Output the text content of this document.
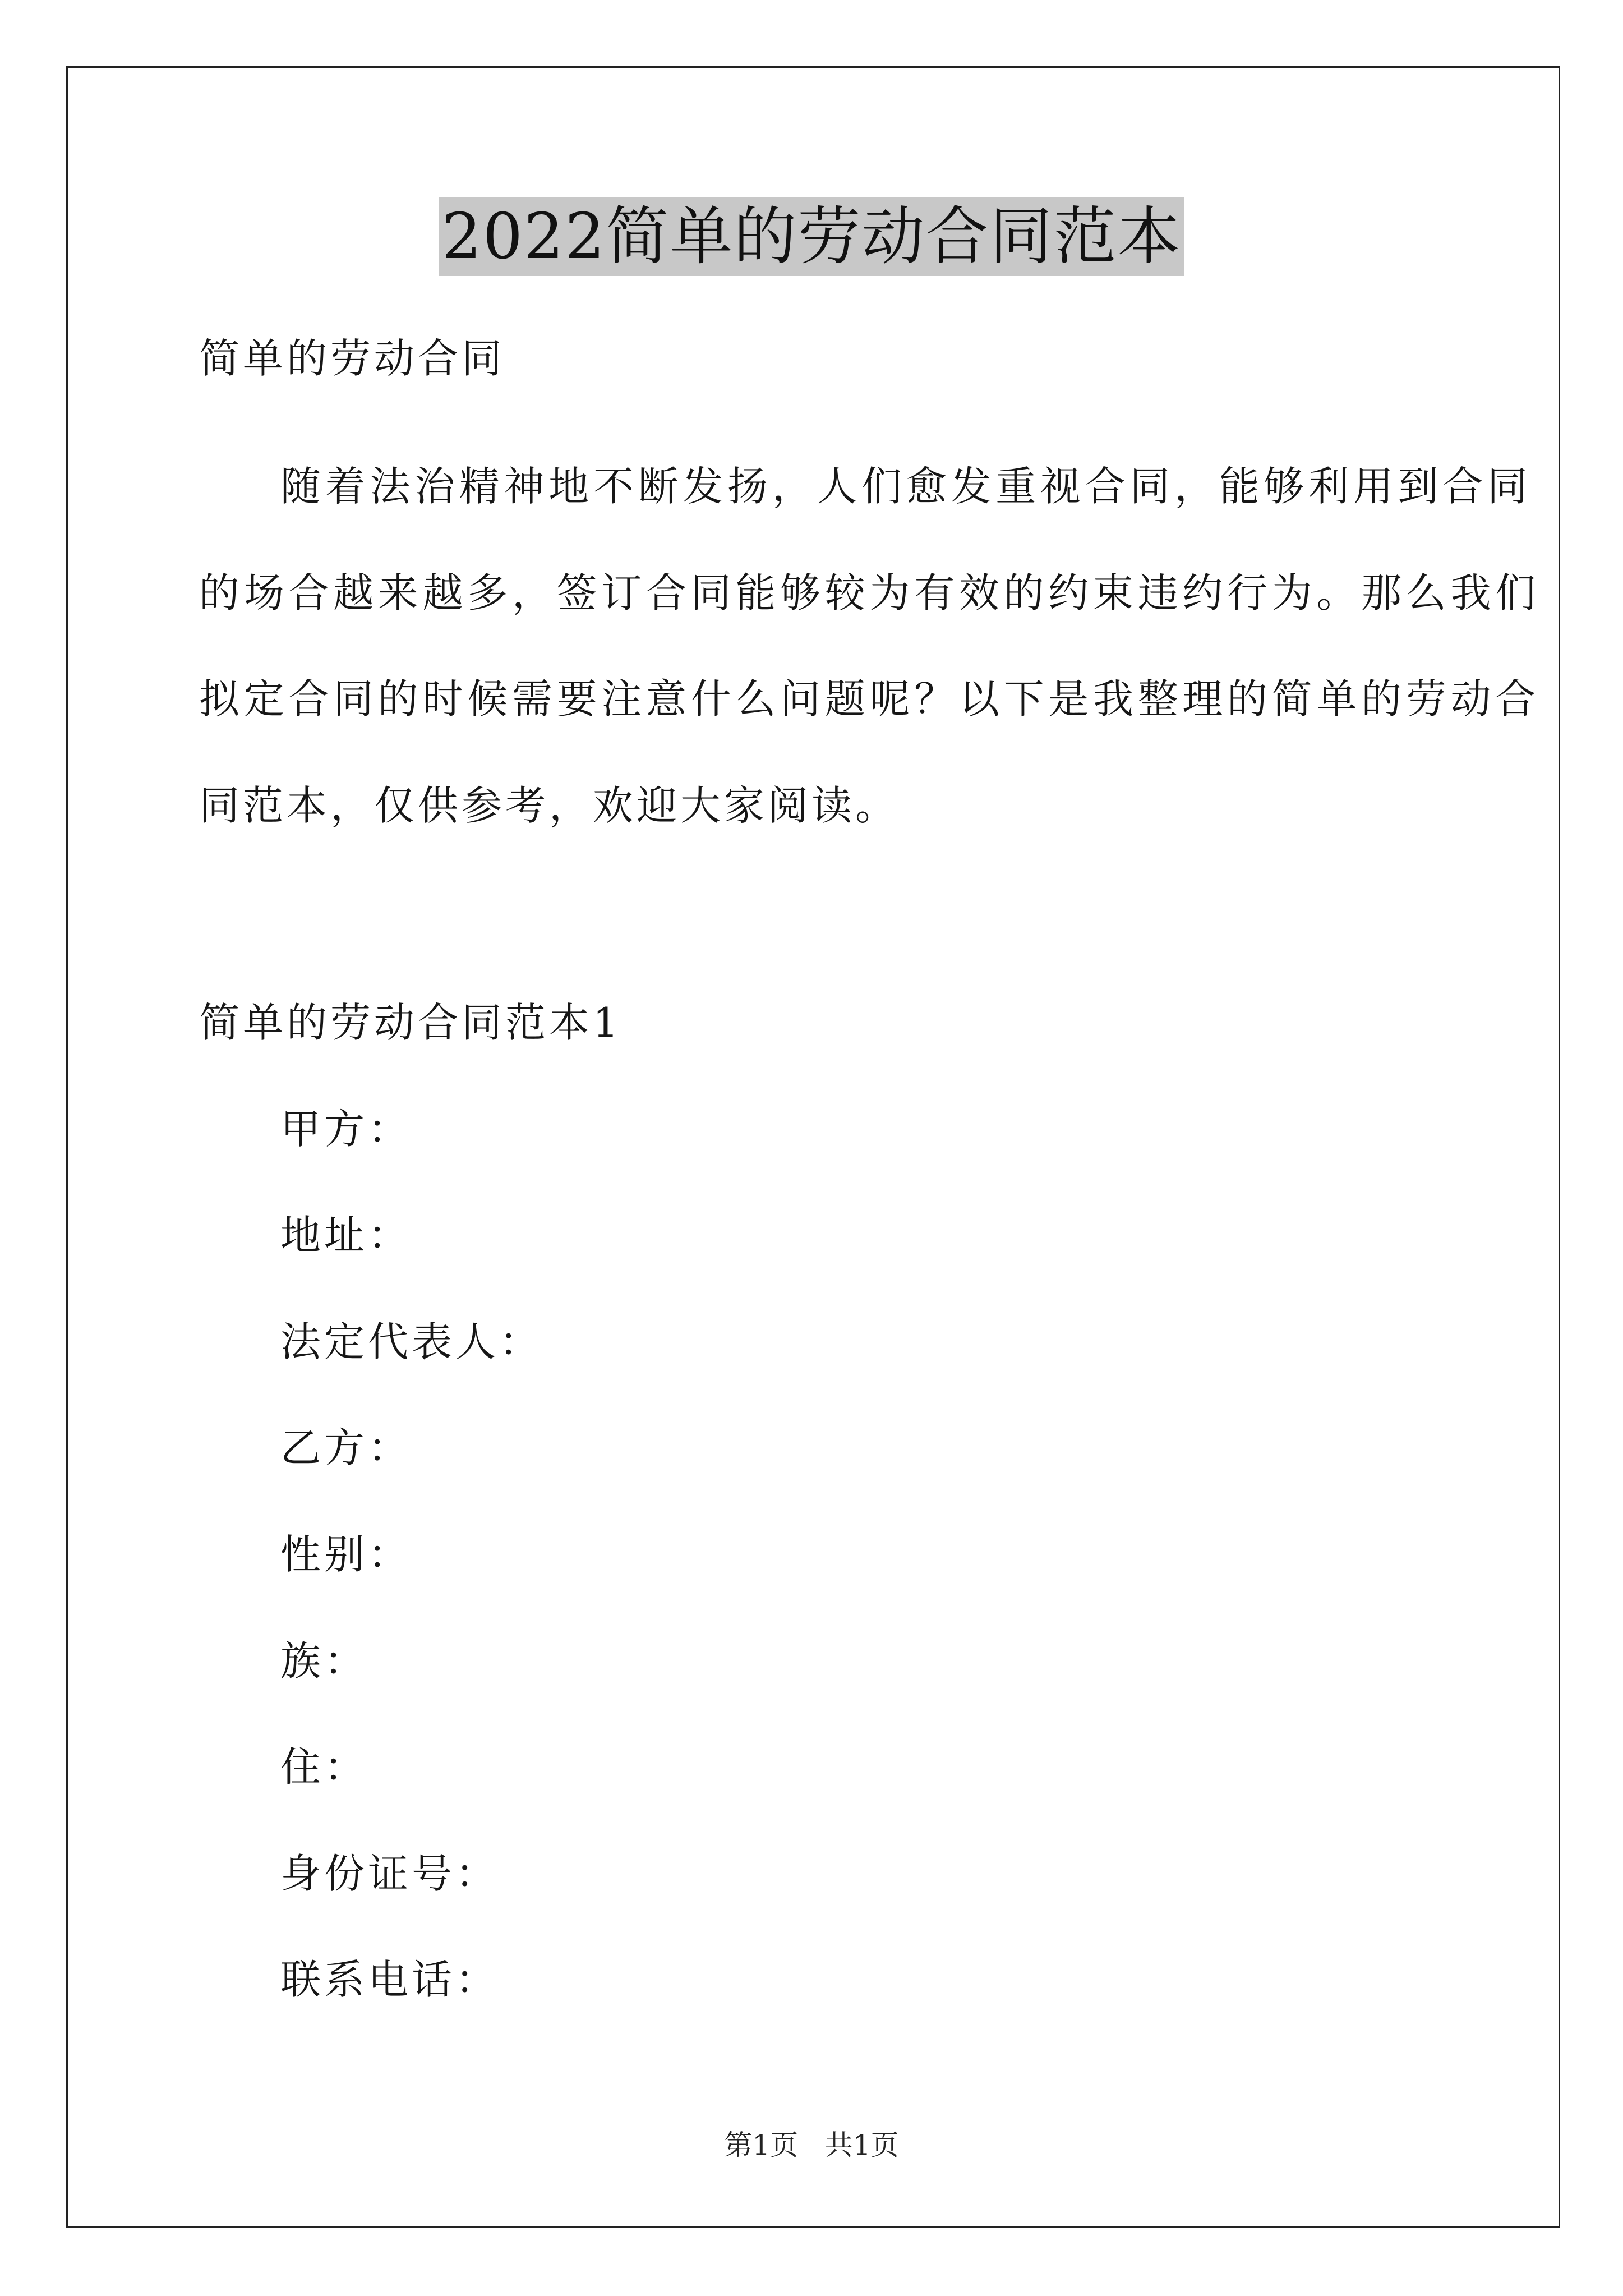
2022简单的劳动合同范本
简单的劳动合同
随着法治精神地不断发扬，人们愈发重视合同，能够利用到合同
的场合越来越多，签订合同能够较为有效的约束违约行为。那么我们
拟定合同的时候需要注意什么问题呢？以下是我整理的简单的劳动合
同范本，仅供参考，欢迎大家阅读。
简单的劳动合同范本1
甲方：
地址：
法定代表人：
乙方：
性别：
族：
住：
身份证号：
联系电话：
第1页   共1页
